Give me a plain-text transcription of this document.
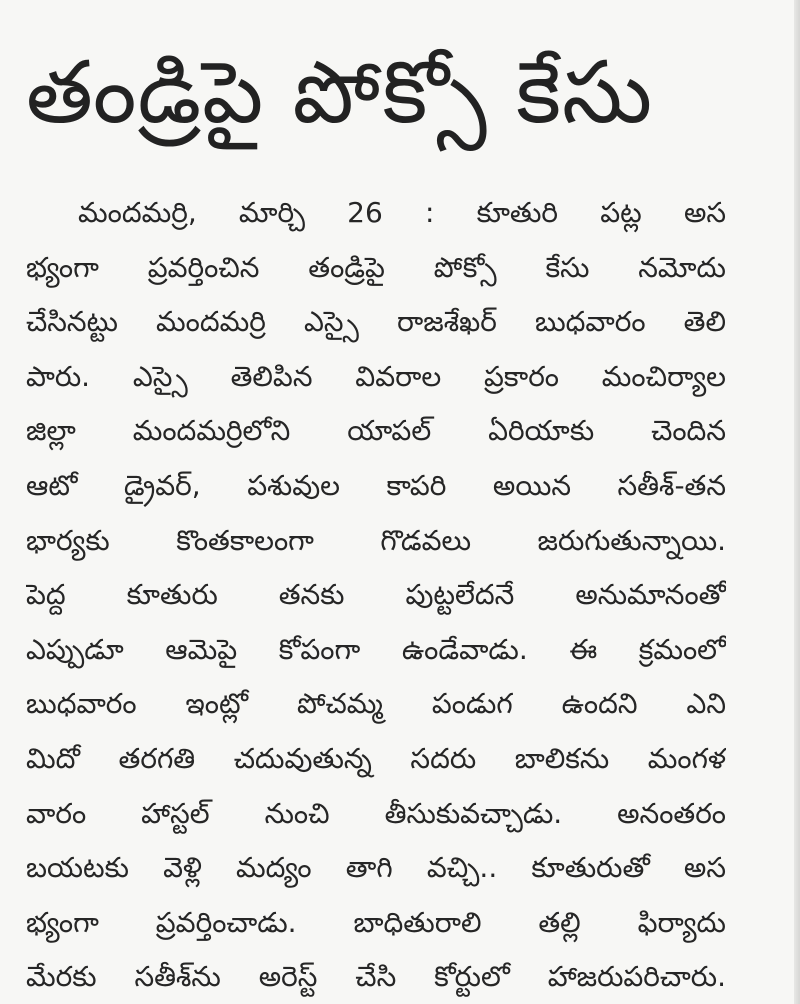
తండ్రిపై పోక్సో కేసు
మందమర్రి, మార్చి 26 : కూతురి పట్ల అస
భ్యంగా ప్రవర్తించిన తండ్రిపై పోక్సో కేసు నమోదు
చేసినట్టు మందమర్రి ఎస్సై రాజశేఖర్ బుధవారం తెలి
పారు. ఎస్సై తెలిపిన వివరాల ప్రకారం మంచిర్యాల
జిల్లా మందమర్రిలోని యాపల్ ఏరియాకు చెందిన
ఆటో డ్రైవర్, పశువుల కాపరి అయిన సతీశ్-తన
భార్యకు కొంతకాలంగా గొడవలు జరుగుతున్నాయి.
పెద్ద కూతురు తనకు పుట్టలేదనే అనుమానంతో
ఎప్పుడూ ఆమెపై కోపంగా ఉండేవాడు. ఈ క్రమంలో
బుధవారం ఇంట్లో పోచమ్మ పండుగ ఉందని ఎని
మిదో తరగతి చదువుతున్న సదరు బాలికను మంగళ
వారం హాస్టల్ నుంచి తీసుకువచ్చాడు. అనంతరం
బయటకు వెళ్లి మద్యం తాగి వచ్చి.. కూతురుతో అస
భ్యంగా ప్రవర్తించాడు. బాధితురాలి తల్లి ఫిర్యాదు
మేరకు సతీశ్‌ను అరెస్ట్ చేసి కోర్టులో హాజరుపరిచారు.
